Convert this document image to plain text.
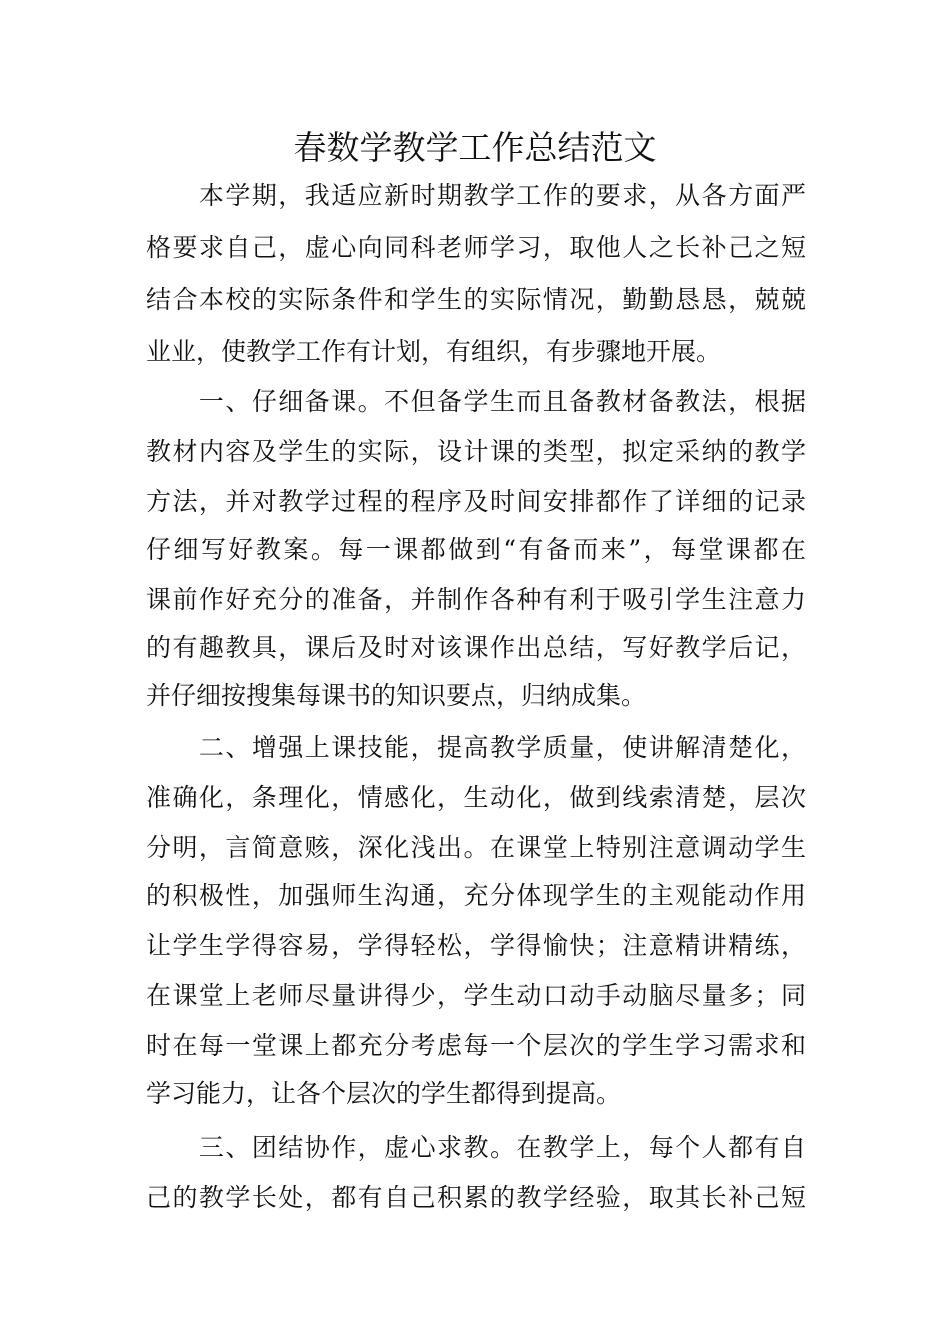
春数学教学工作总结范文
　　本学期，我适应新时期教学工作的要求，从各方面严
格要求自己，虚心向同科老师学习，取他人之长补己之短
结合本校的实际条件和学生的实际情况，勤勤恳恳，兢兢
业业，使教学工作有计划，有组织，有步骤地开展。
　　一、仔细备课。不但备学生而且备教材备教法，根据
教材内容及学生的实际，设计课的类型，拟定采纳的教学
方法，并对教学过程的程序及时间安排都作了详细的记录
仔细写好教案。每一课都做到“有备而来”，每堂课都在
课前作好充分的准备，并制作各种有利于吸引学生注意力
的有趣教具，课后及时对该课作出总结，写好教学后记，
并仔细按搜集每课书的知识要点，归纳成集。
　　二、增强上课技能，提高教学质量，使讲解清楚化，
准确化，条理化，情感化，生动化，做到线索清楚，层次
分明，言简意赅，深化浅出。在课堂上特别注意调动学生
的积极性，加强师生沟通，充分体现学生的主观能动作用
让学生学得容易，学得轻松，学得愉快；注意精讲精练，
在课堂上老师尽量讲得少，学生动口动手动脑尽量多；同
时在每一堂课上都充分考虑每一个层次的学生学习需求和
学习能力，让各个层次的学生都得到提高。
　　三、团结协作，虚心求教。在教学上，每个人都有自
己的教学长处，都有自己积累的教学经验，取其长补己短
